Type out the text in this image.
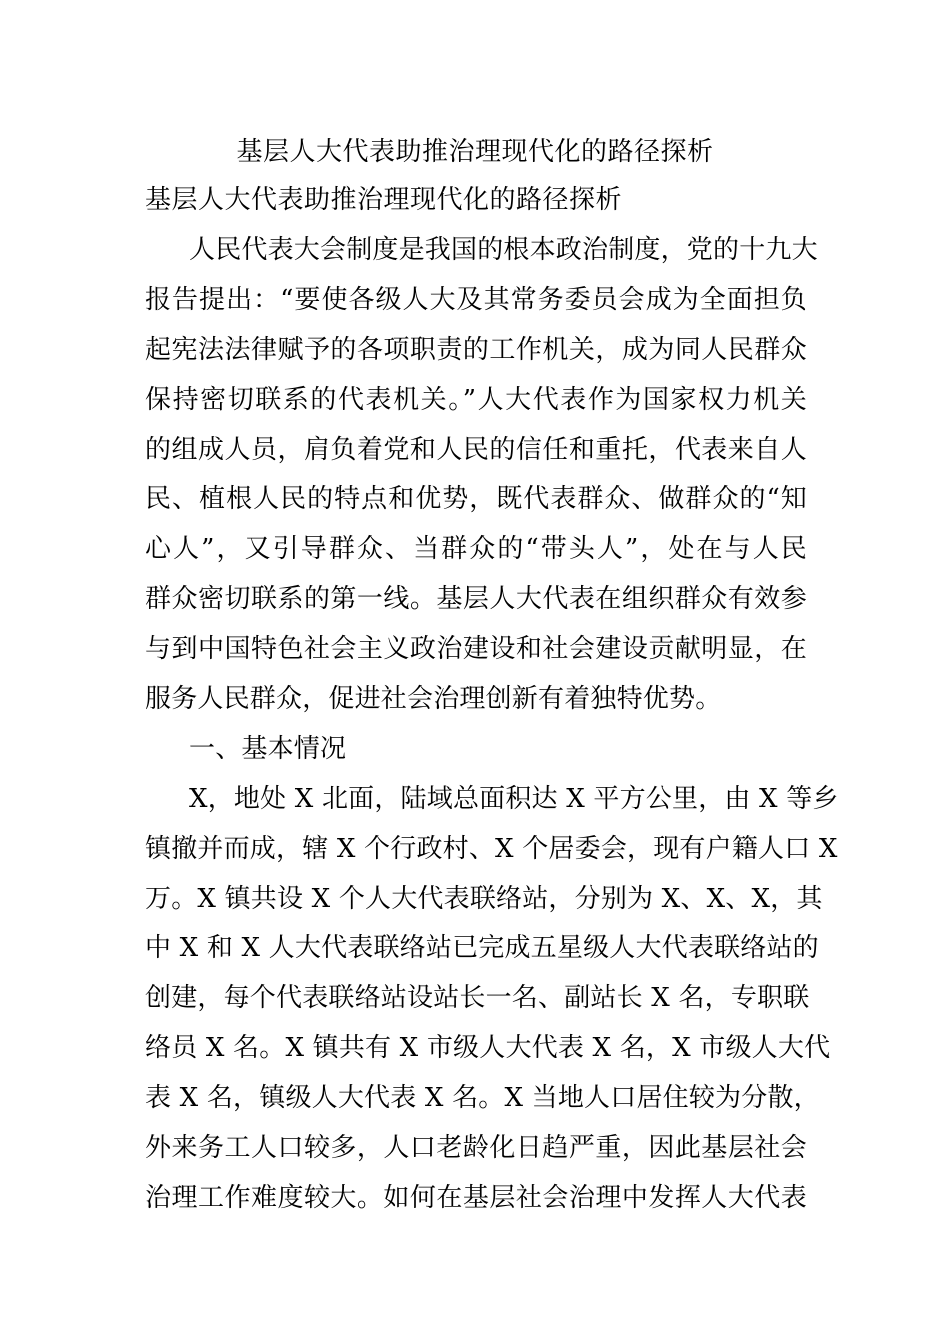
基层人大代表助推治理现代化的路径探析
基层人大代表助推治理现代化的路径探析
人民代表大会制度是我国的根本政治制度，党的十九大
报告提出：“要使各级人大及其常务委员会成为全面担负
起宪法法律赋予的各项职责的工作机关，成为同人民群众
保持密切联系的代表机关。”人大代表作为国家权力机关
的组成人员，肩负着党和人民的信任和重托，代表来自人
民、植根人民的特点和优势，既代表群众、做群众的“知
心人”，又引导群众、当群众的“带头人”，处在与人民
群众密切联系的第一线。基层人大代表在组织群众有效参
与到中国特色社会主义政治建设和社会建设贡献明显，在
服务人民群众，促进社会治理创新有着独特优势。
一、基本情况
X，地处 X 北面，陆域总面积达 X 平方公里，由 X 等乡
镇撤并而成，辖 X 个行政村、X 个居委会，现有户籍人口 X
万。X 镇共设 X 个人大代表联络站，分别为 X、X、X，其
中 X 和 X 人大代表联络站已完成五星级人大代表联络站的
创建，每个代表联络站设站长一名、副站长 X 名，专职联
络员 X 名。X 镇共有 X 市级人大代表 X 名，X 市级人大代
表 X 名，镇级人大代表 X 名。X 当地人口居住较为分散，
外来务工人口较多，人口老龄化日趋严重，因此基层社会
治理工作难度较大。如何在基层社会治理中发挥人大代表
